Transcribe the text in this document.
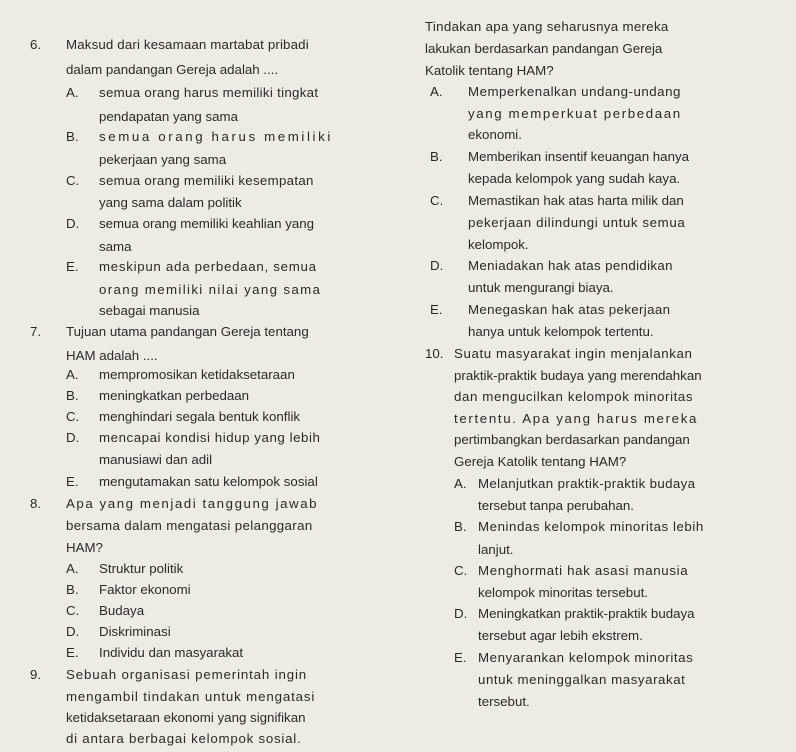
6. Maksud dari kesamaan martabat pribadi
dalam pandangan Gereja adalah ....
A. semua orang harus memiliki tingkat
pendapatan yang sama
B. semua orang harus memiliki
pekerjaan yang sama
C. semua orang memiliki kesempatan
yang sama dalam politik
D. semua orang memiliki keahlian yang
sama
E. meskipun ada perbedaan, semua
orang memiliki nilai yang sama
sebagai manusia
7. Tujuan utama pandangan Gereja tentang
HAM adalah ....
A. mempromosikan ketidaksetaraan
B. meningkatkan perbedaan
C. menghindari segala bentuk konflik
D. mencapai kondisi hidup yang lebih
manusiawi dan adil
E. mengutamakan satu kelompok sosial
8. Apa yang menjadi tanggung jawab
bersama dalam mengatasi pelanggaran
HAM?
A. Struktur politik
B. Faktor ekonomi
C. Budaya
D. Diskriminasi
E. Individu dan masyarakat
9. Sebuah organisasi pemerintah ingin
mengambil tindakan untuk mengatasi
ketidaksetaraan ekonomi yang signifikan
di antara berbagai kelompok sosial.
Tindakan apa yang seharusnya mereka
lakukan berdasarkan pandangan Gereja
Katolik tentang HAM?
A. Memperkenalkan undang-undang
yang memperkuat perbedaan
ekonomi.
B. Memberikan insentif keuangan hanya
kepada kelompok yang sudah kaya.
C. Memastikan hak atas harta milik dan
pekerjaan dilindungi untuk semua
kelompok.
D. Meniadakan hak atas pendidikan
untuk mengurangi biaya.
E. Menegaskan hak atas pekerjaan
hanya untuk kelompok tertentu.
10. Suatu masyarakat ingin menjalankan
praktik-praktik budaya yang merendahkan
dan mengucilkan kelompok minoritas
tertentu. Apa yang harus mereka
pertimbangkan berdasarkan pandangan
Gereja Katolik tentang HAM?
A. Melanjutkan praktik-praktik budaya
tersebut tanpa perubahan.
B. Menindas kelompok minoritas lebih
lanjut.
C. Menghormati hak asasi manusia
kelompok minoritas tersebut.
D. Meningkatkan praktik-praktik budaya
tersebut agar lebih ekstrem.
E. Menyarankan kelompok minoritas
untuk meninggalkan masyarakat
tersebut.
